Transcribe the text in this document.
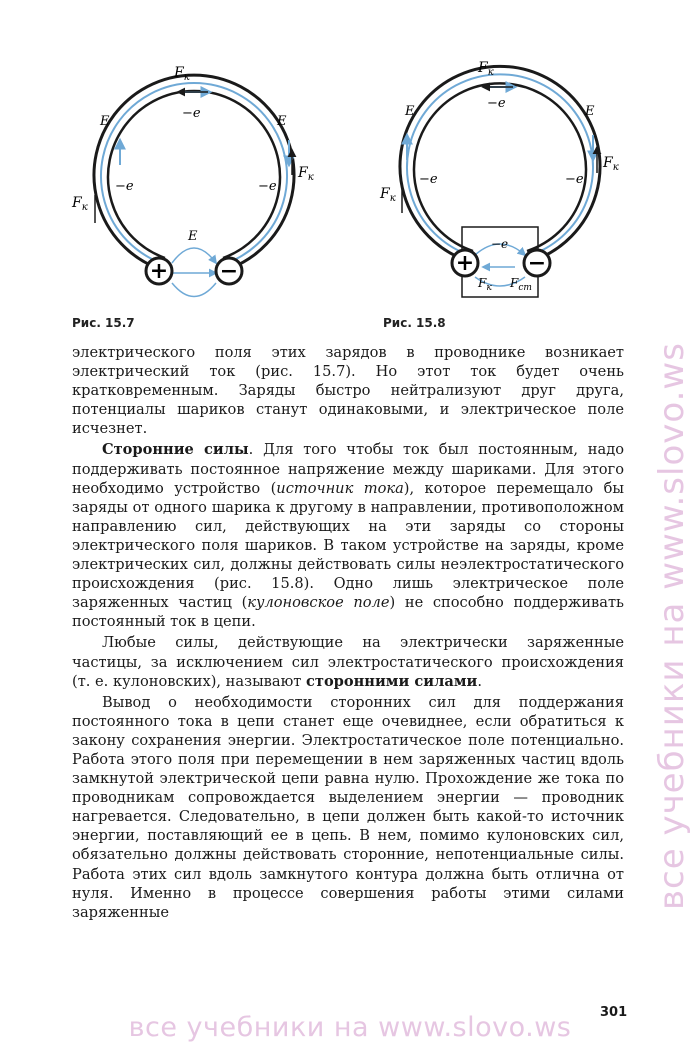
+ −
$F_к$
$F_к$
$F_к$
E	E
E
−e
−e	−e
Рис. 15.7
+ −
$F_к$
$F_к$
$F_к$
$F_к$ $F_{ст}$
E	E
−e
−e	−e
−e
Рис. 15.8

электрического поля этих зарядов в проводнике возникает электрический ток (рис. 15.7). Но этот ток будет очень кратковременным. Заряды быстро нейтрализуют друг друга, потенциалы шариков станут одинаковыми, и электрическое поле исчезнет.

Сторонние силы. Для того чтобы ток был постоянным, надо поддерживать постоянное напряжение между шариками. Для этого необходимо устройство (источник тока), которое перемещало бы заряды от одного шарика к другому в направлении, противоположном направлению сил, действующих на эти заряды со стороны электрического поля шариков. В таком устройстве на заряды, кроме электрических сил, должны действовать силы неэлектростатического происхождения (рис. 15.8). Одно лишь электрическое поле заряженных частиц (кулоновское поле) не способно поддерживать постоянный ток в цепи.

Любые силы, действующие на электрически заряженные частицы, за исключением сил электростатического происхождения (т. е. кулоновских), называют сторонними силами.

Вывод о необходимости сторонних сил для поддержания постоянного тока в цепи станет еще очевиднее, если обратиться к закону сохранения энергии. Электростатическое поле потенциально. Работа этого поля при перемещении в нем заряженных частиц вдоль замкнутой электрической цепи равна нулю. Прохождение же тока по проводникам сопровождается выделением энергии — проводник нагревается. Следовательно, в цепи должен быть какой-то источник энергии, поставляющий ее в цепь. В нем, помимо кулоновских сил, обязательно должны действовать сторонние, непотенциальные силы. Работа этих сил вдоль замкнутого контура должна быть отлична от нуля. Именно в процессе совершения работы этими силами заряженные

301
все учебники на www.slovo.ws
все учебники на www.slovo.ws
